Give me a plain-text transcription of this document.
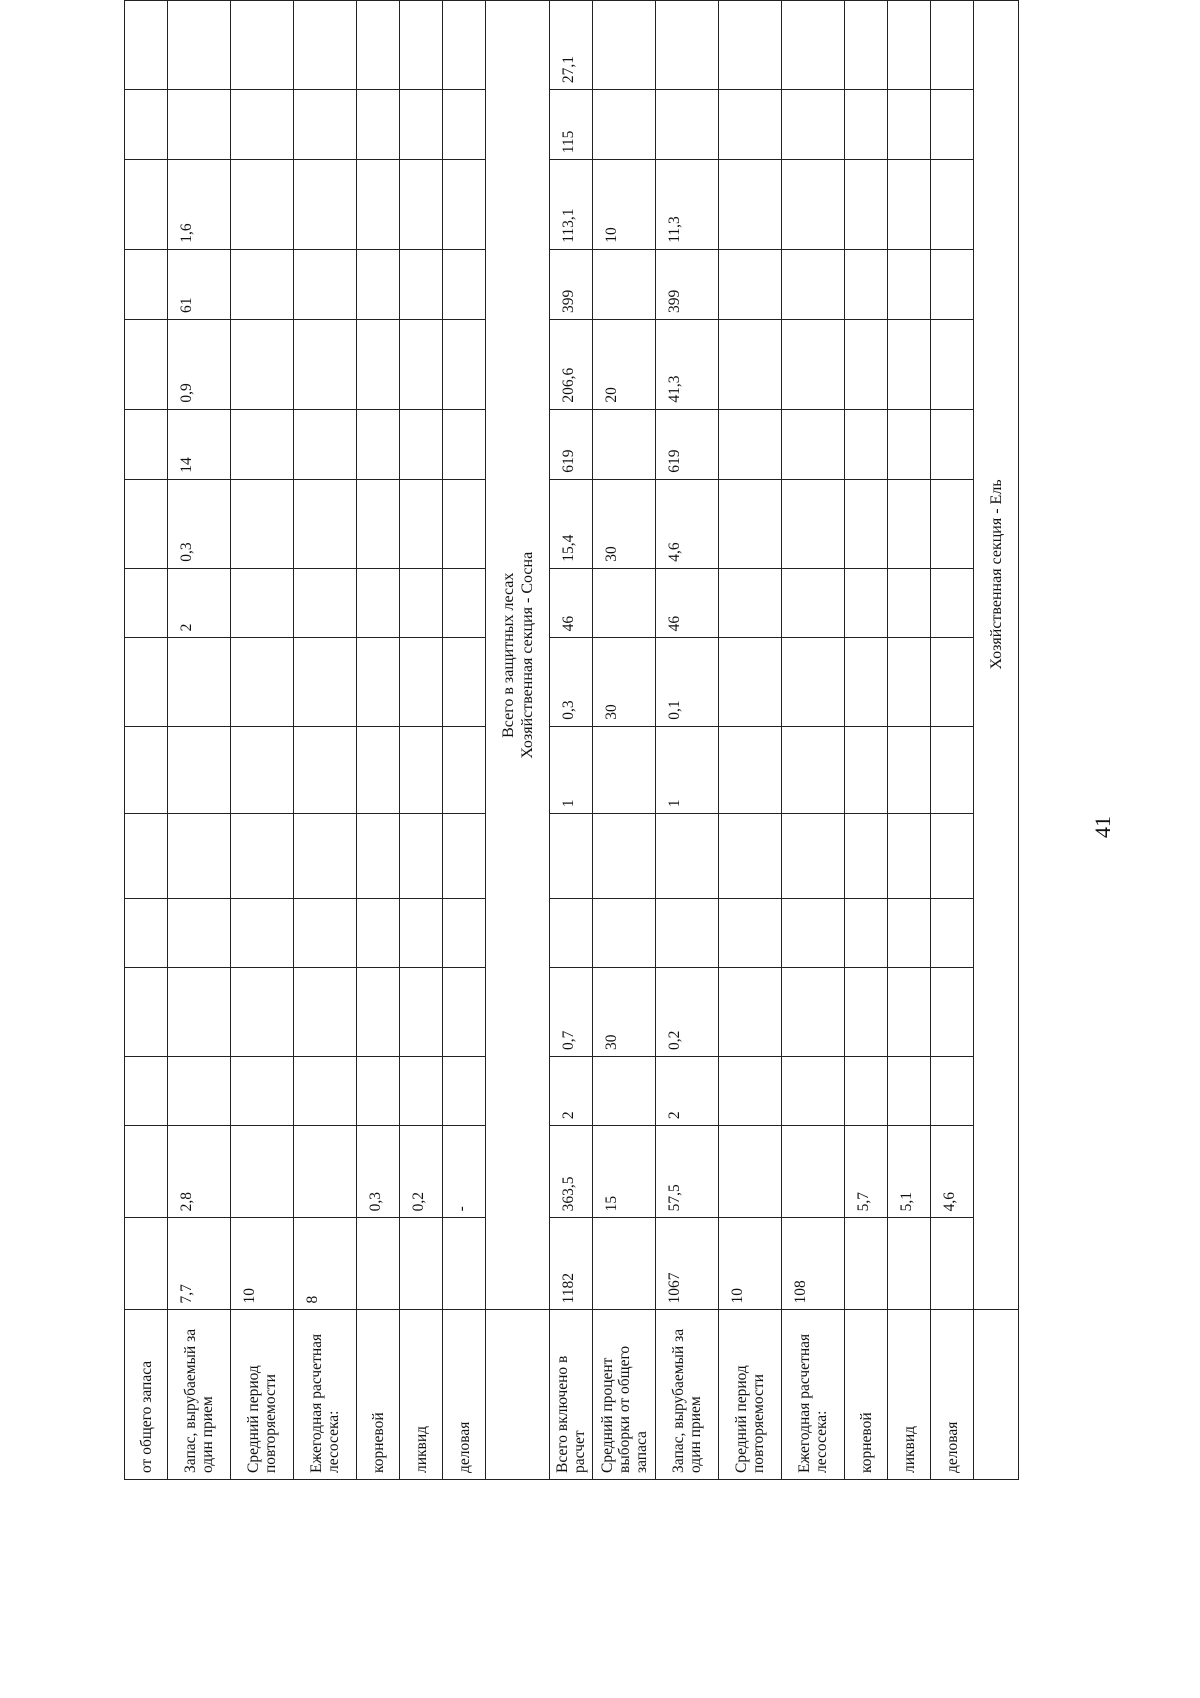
от общего запаса																
Запас, вырубаемый за один прием	7,7	2,8							2	0,3	14	0,9	61	1,6		
Средний период повторяемости	10															
Ежегодная расчетная лесосека:	8															
корневой		0,3														
ликвид		0,2														
деловая		-														

	Всего в защитных лесах Хозяйственная секция - Сосна															

Всего включено в расчет	1182	363,5	2	0,7			1	0,3	46	15,4	619	206,6	399	113,1	115	27,1
Средний процент выборки от общего запаса		15		30				30		30		20		10		
Запас, вырубаемый за один прием	1067	57,5	2	0,2			1	0,1	46	4,6	619	41,3	399	11,3		
Средний период повторяемости	10															
Ежегодная расчетная лесосека:	108															
корневой		5,7														
ликвид		5,1														
деловая		4,6														
	Хозяйственная секция - Ель															
41
